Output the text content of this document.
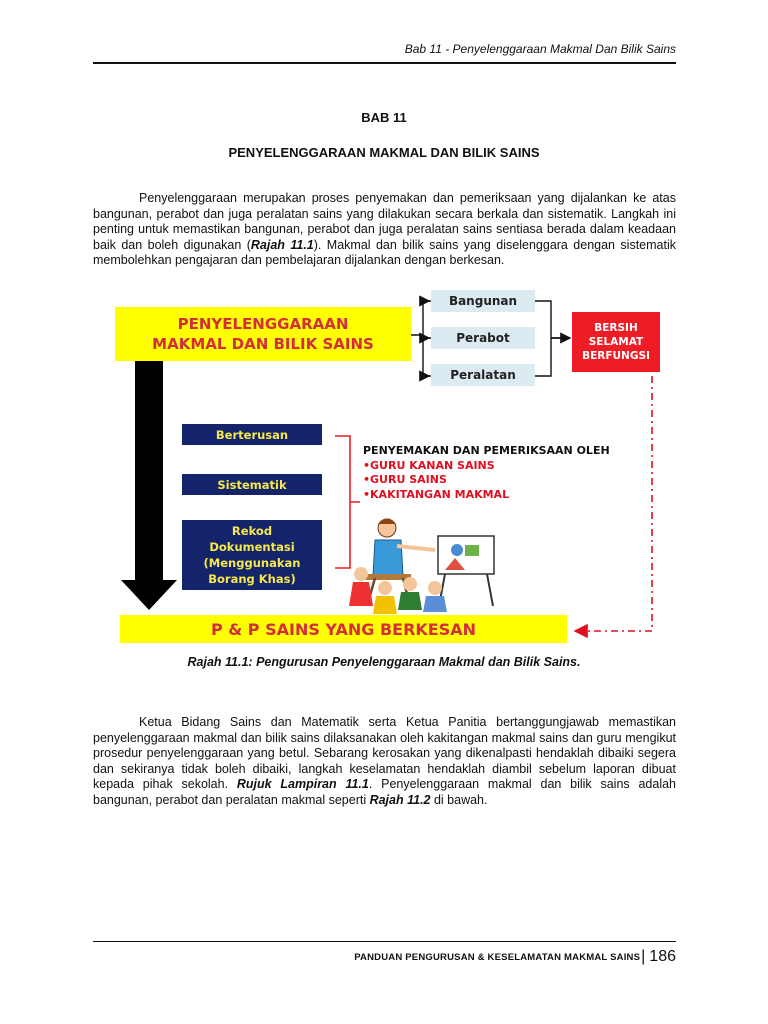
Bab 11 - Penyelenggaraan Makmal Dan Bilik Sains
BAB 11
PENYELENGGARAAN MAKMAL DAN BILIK SAINS
Penyelenggaraan merupakan proses penyemakan dan pemeriksaan yang dijalankan ke atas bangunan, perabot dan juga peralatan sains yang dilakukan secara berkala dan sistematik. Langkah ini penting untuk memastikan bangunan, perabot dan juga peralatan sains sentiasa berada dalam keadaan baik dan boleh digunakan (Rajah 11.1). Makmal dan bilik sains yang diselenggara dengan sistematik membolehkan pengajaran dan pembelajaran dijalankan dengan berkesan.
PENYELENGGARAAN
MAKMAL DAN BILIK SAINS
Bangunan
Perabot
Peralatan
BERSIH
SELAMAT
BERFUNGSI
Berterusan
Sistematik
Rekod
Dokumentasi
(Menggunakan
Borang Khas)
PENYEMAKAN DAN PEMERIKSAAN OLEH
•GURU KANAN SAINS
•GURU SAINS
•KAKITANGAN MAKMAL
P & P SAINS YANG BERKESAN
Rajah 11.1: Pengurusan Penyelenggaraan Makmal dan Bilik Sains.
Ketua Bidang Sains dan Matematik serta Ketua Panitia bertanggungjawab memastikan penyelenggaraan makmal dan bilik sains dilaksanakan oleh kakitangan makmal sains dan guru mengikut prosedur penyelenggaraan yang betul. Sebarang kerosakan yang dikenalpasti hendaklah dibaiki segera dan sekiranya tidak boleh dibaiki, langkah keselamatan hendaklah diambil sebelum laporan dibuat kepada pihak sekolah. Rujuk Lampiran 11.1. Penyelenggaraan makmal dan bilik sains adalah bangunan, perabot dan peralatan makmal seperti Rajah 11.2 di bawah.
PANDUAN PENGURUSAN & KESELAMATAN MAKMAL SAINS | 186
